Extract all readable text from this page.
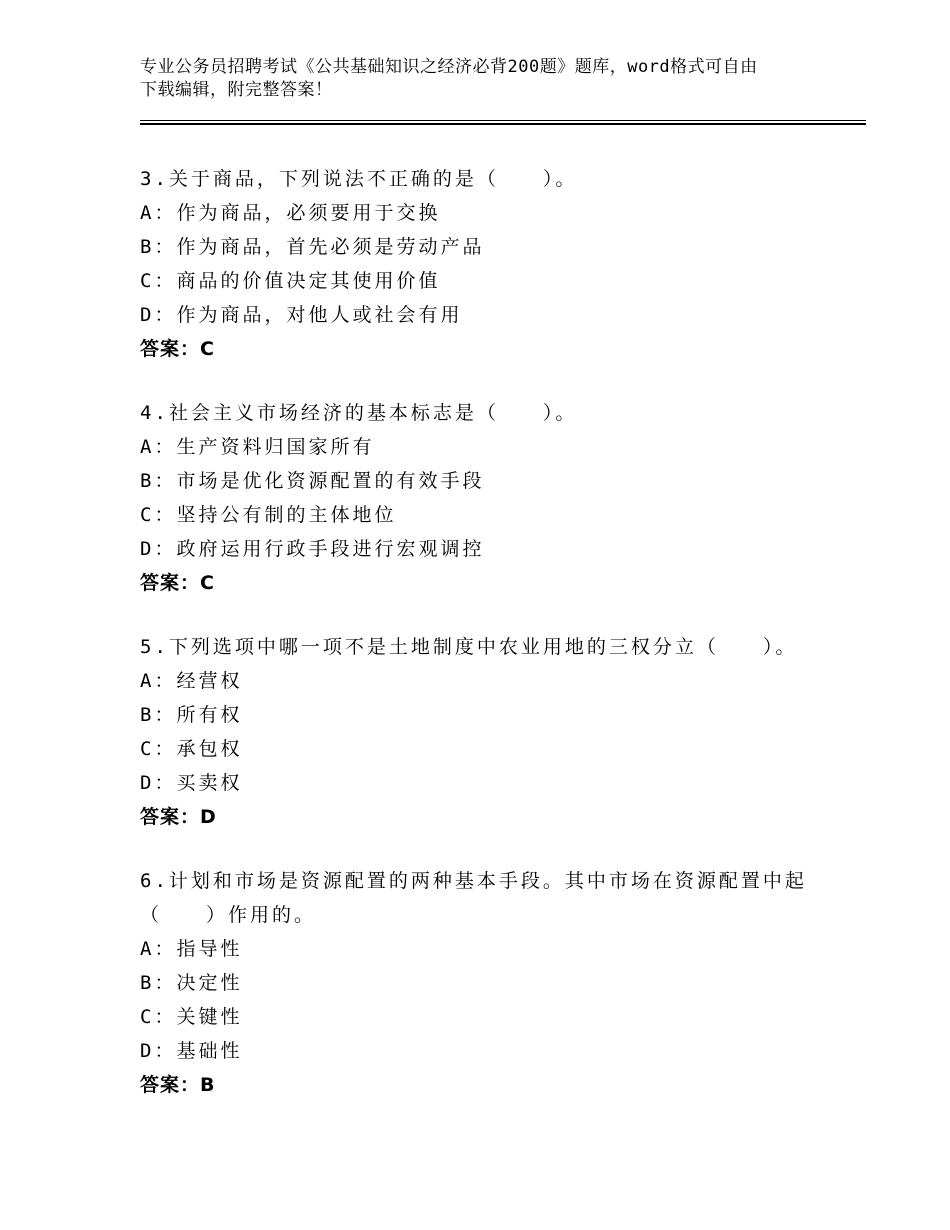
专业公务员招聘考试《公共基础知识之经济必背200题》题库，word格式可自由
下载编辑，附完整答案！
3.关于商品，下列说法不正确的是（　　）。
A：作为商品，必须要用于交换
B：作为商品，首先必须是劳动产品
C：商品的价值决定其使用价值
D：作为商品，对他人或社会有用
答案：C
4.社会主义市场经济的基本标志是（　　）。
A：生产资料归国家所有
B：市场是优化资源配置的有效手段
C：坚持公有制的主体地位
D：政府运用行政手段进行宏观调控
答案：C
5.下列选项中哪一项不是土地制度中农业用地的三权分立（　　）。
A：经营权
B：所有权
C：承包权
D：买卖权
答案：D
6.计划和市场是资源配置的两种基本手段。其中市场在资源配置中起
（　　）作用的。
A：指导性
B：决定性
C：关键性
D：基础性
答案：B
